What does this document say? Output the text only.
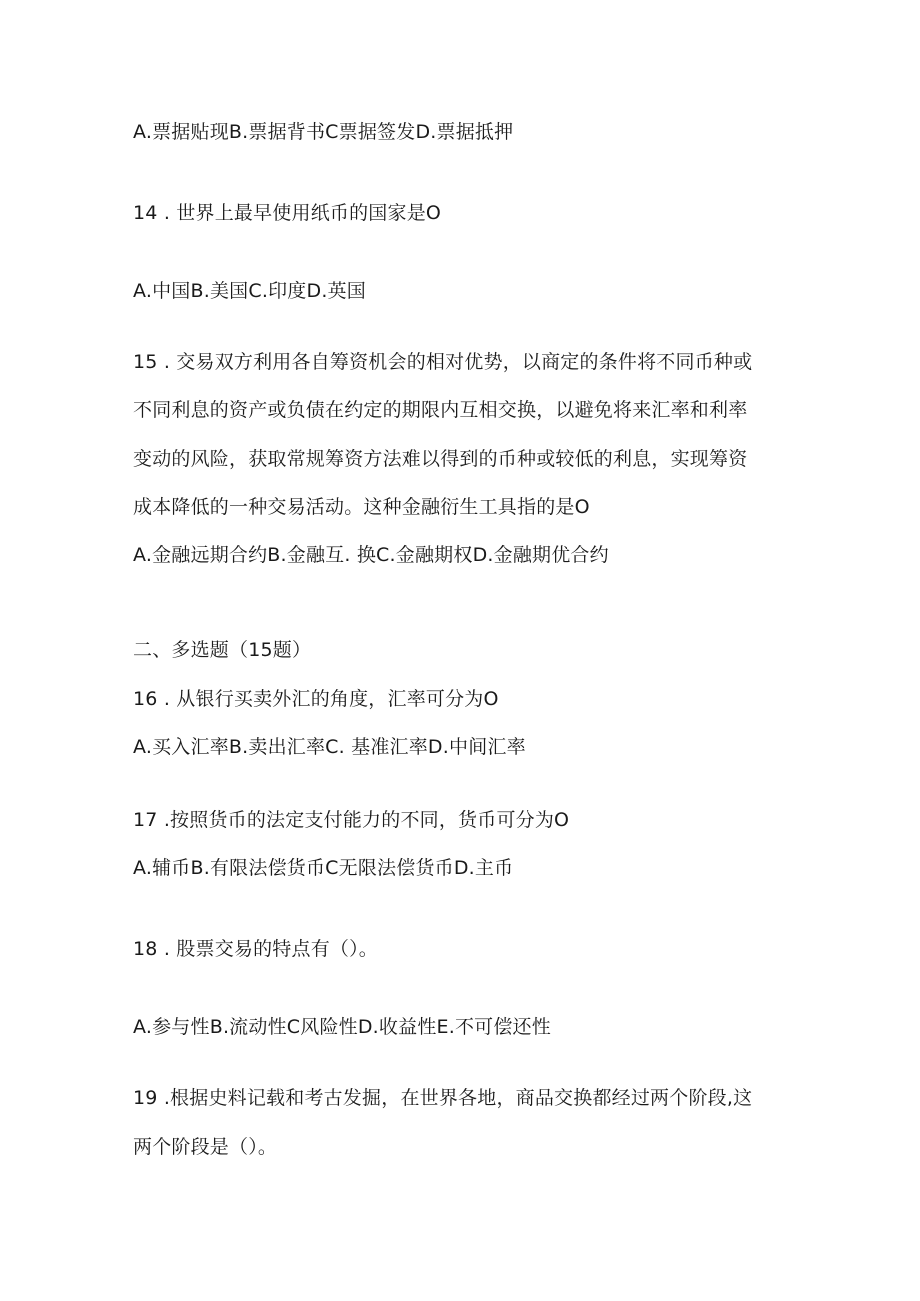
A.票据贴现B.票据背书C票据签发D.票据抵押
14 . 世界上最早使用纸币的国家是O
A.中国B.美国C.印度D.英国
15 . 交易双方利用各自筹资机会的相对优势，以商定的条件将不同币种或
不同利息的资产或负债在约定的期限内互相交换，以避免将来汇率和利率
变动的风险，获取常规筹资方法难以得到的币种或较低的利息，实现筹资
成本降低的一种交易活动。这种金融衍生工具指的是O
A.金融远期合约B.金融互. 换C.金融期权D.金融期优合约
二、多选题（15题）
16 . 从银行买卖外汇的角度，汇率可分为O
A.买入汇率B.卖出汇率C. 基准汇率D.中间汇率
17 .按照货币的法定支付能力的不同，货币可分为O
A.辅币B.有限法偿货币C无限法偿货币D.主币
18 . 股票交易的特点有（）。
A.参与性B.流动性C风险性D.收益性E.不可偿还性
19 .根据史料记载和考古发掘，在世界各地，商品交换都经过两个阶段,这
两个阶段是（）。
